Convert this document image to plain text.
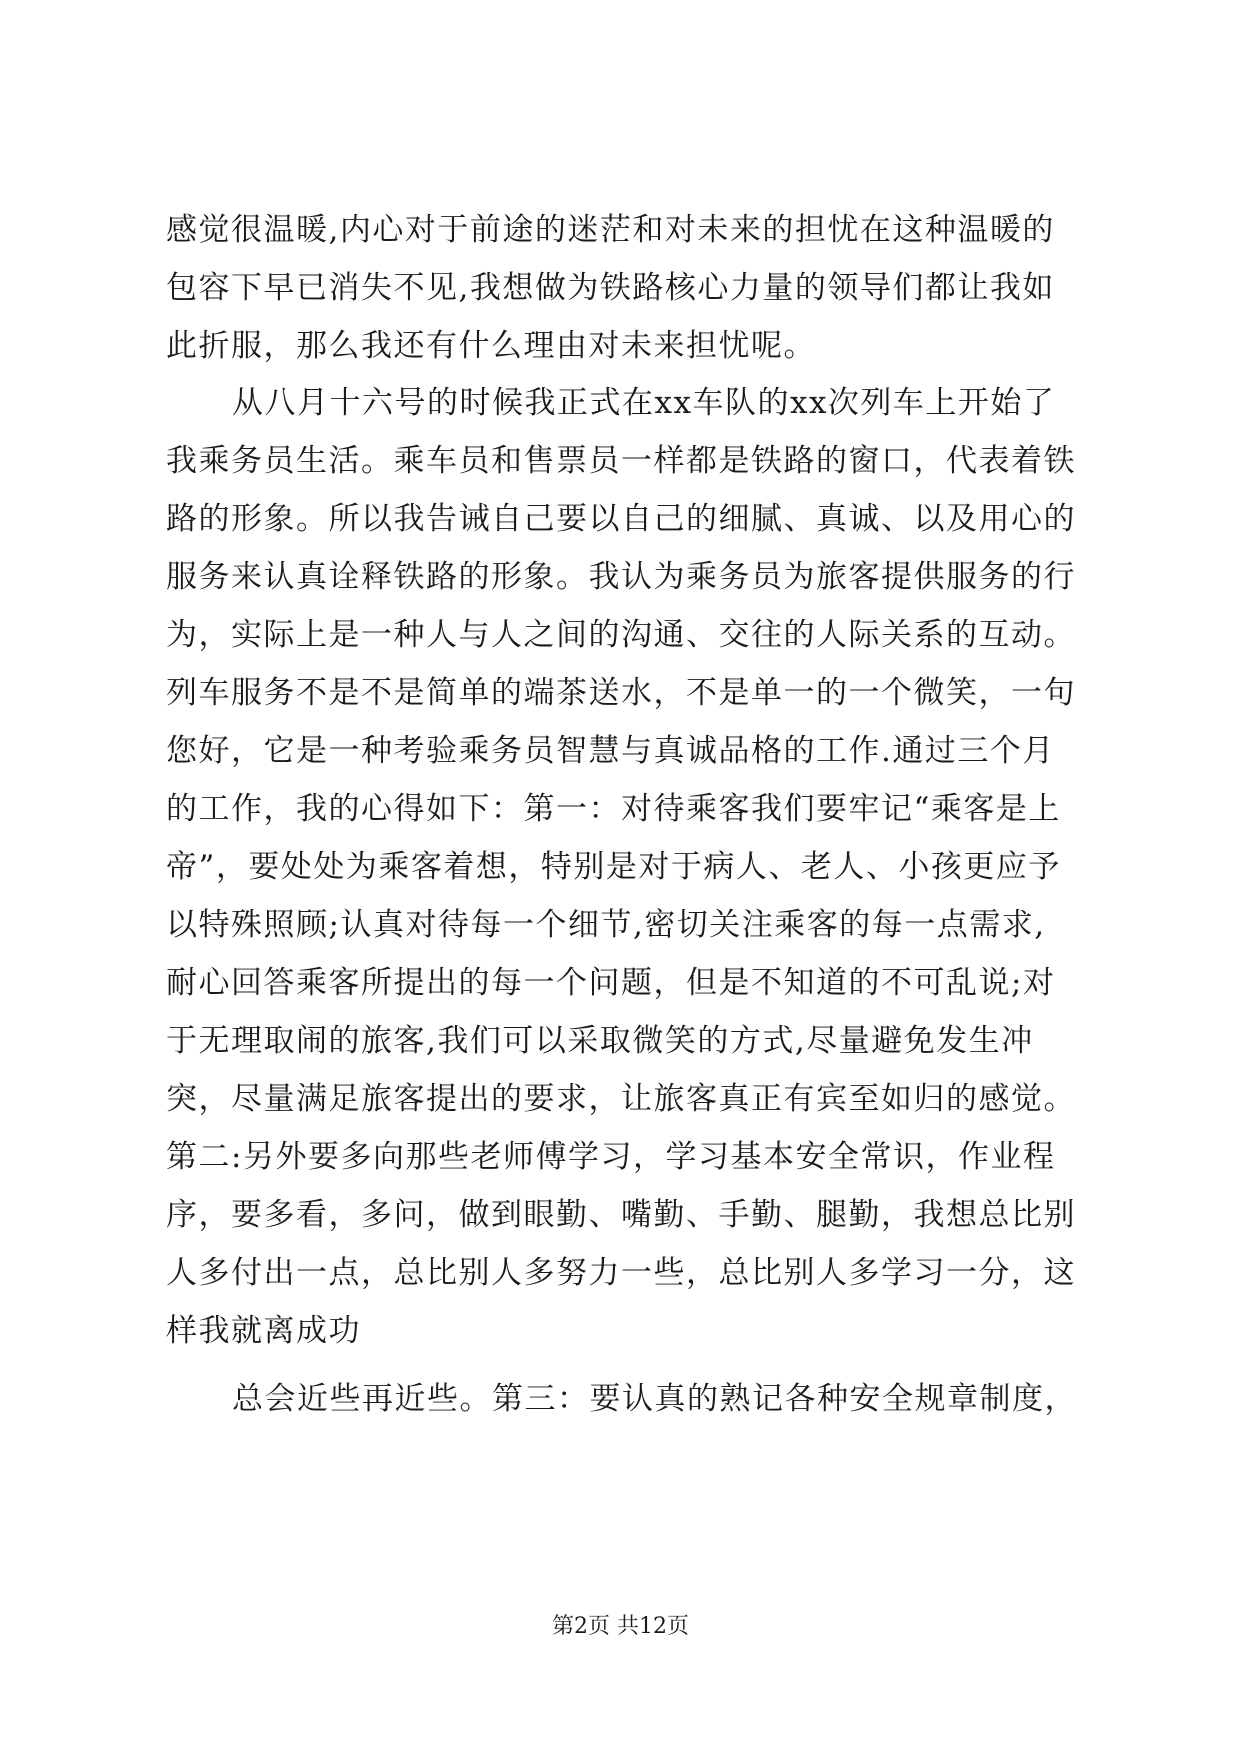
感觉很温暖,内心对于前途的迷茫和对未来的担忧在这种温暖的
包容下早已消失不见,我想做为铁路核心力量的领导们都让我如
此折服，那么我还有什么理由对未来担忧呢。
从八月十六号的时候我正式在xx车队的xx次列车上开始了
我乘务员生活。乘车员和售票员一样都是铁路的窗口，代表着铁
路的形象。所以我告诫自己要以自己的细腻、真诚、以及用心的
服务来认真诠释铁路的形象。我认为乘务员为旅客提供服务的行
为，实际上是一种人与人之间的沟通、交往的人际关系的互动。
列车服务不是不是简单的端茶送水，不是单一的一个微笑，一句
您好，它是一种考验乘务员智慧与真诚品格的工作.通过三个月
的工作，我的心得如下：第一：对待乘客我们要牢记“乘客是上
帝”，要处处为乘客着想，特别是对于病人、老人、小孩更应予
以特殊照顾;认真对待每一个细节,密切关注乘客的每一点需求,
耐心回答乘客所提出的每一个问题，但是不知道的不可乱说;对
于无理取闹的旅客,我们可以采取微笑的方式,尽量避免发生冲
突，尽量满足旅客提出的要求，让旅客真正有宾至如归的感觉。
第二:另外要多向那些老师傅学习，学习基本安全常识，作业程
序，要多看，多问，做到眼勤、嘴勤、手勤、腿勤，我想总比别
人多付出一点，总比别人多努力一些，总比别人多学习一分，这
样我就离成功
总会近些再近些。第三：要认真的熟记各种安全规章制度，
第2页 共12页
